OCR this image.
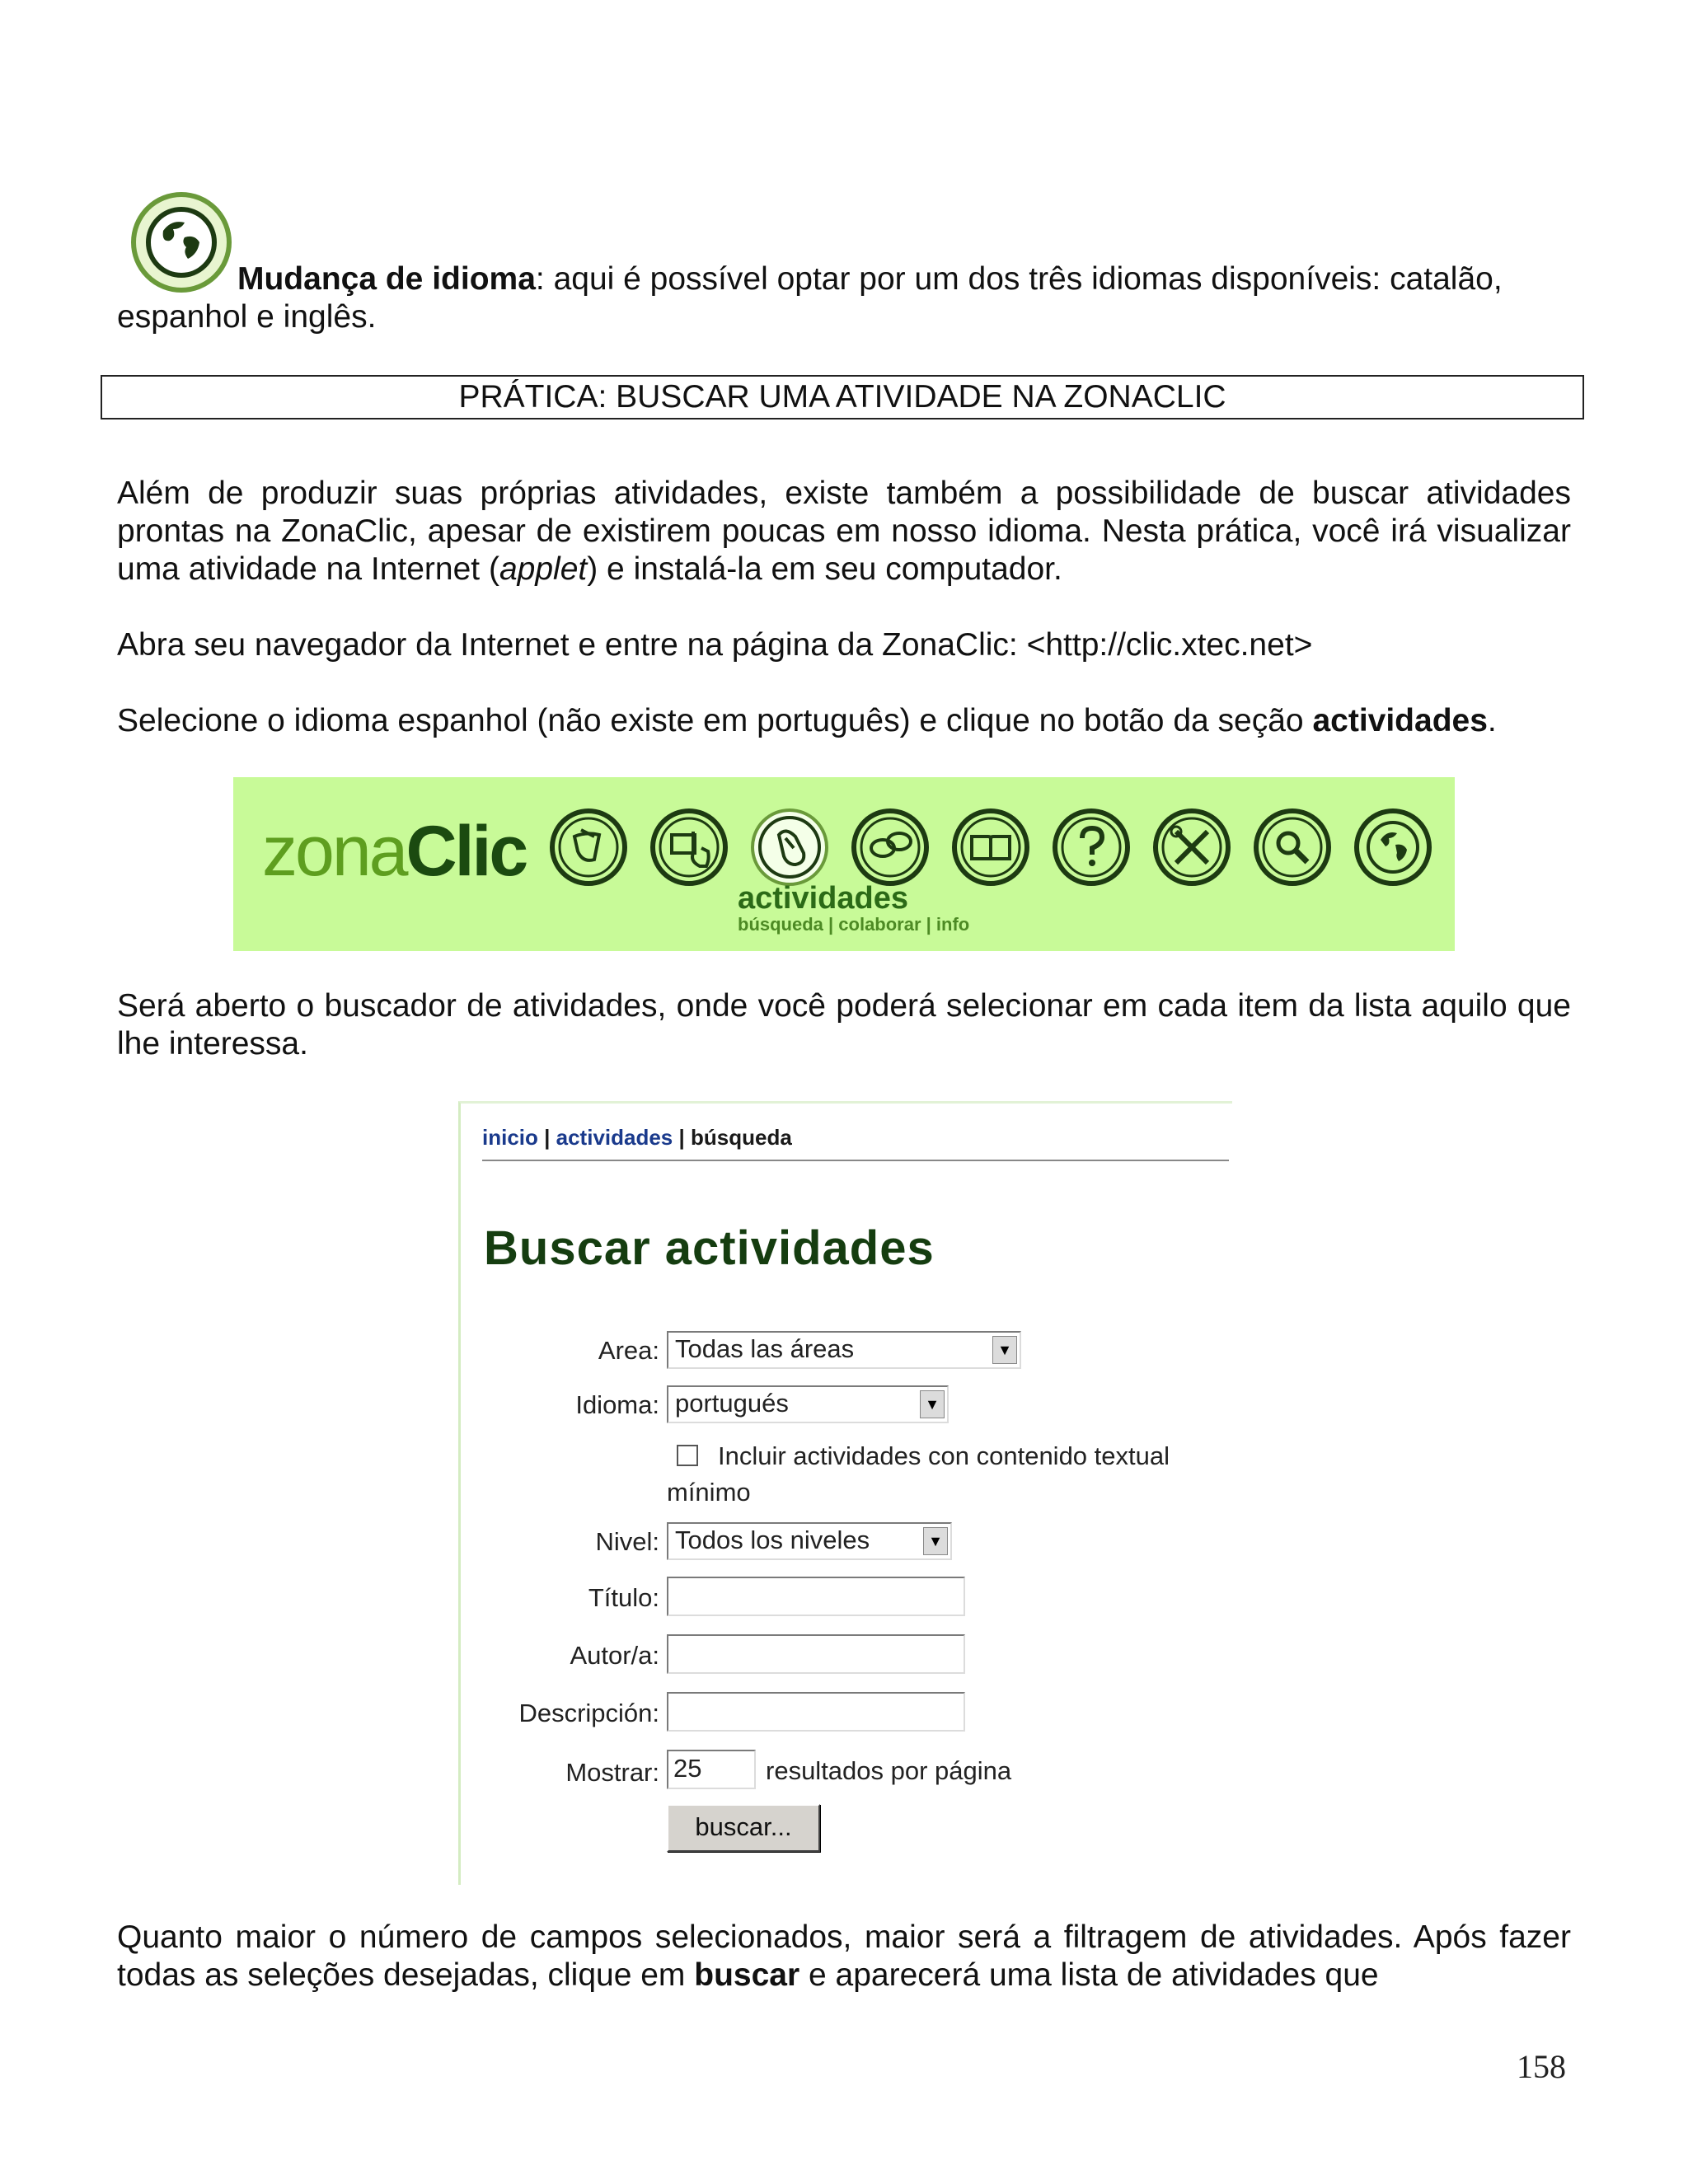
Mudança de idioma: aqui é possível optar por um dos três idiomas disponíveis: catalão,
espanhol e inglês.

PRÁTICA: BUSCAR UMA ATIVIDADE NA ZONACLIC

Além de produzir suas próprias atividades, existe também a possibilidade de buscar atividades prontas na ZonaClic, apesar de existirem poucas em nosso idioma. Nesta prática, você irá visualizar uma atividade na Internet (applet) e instalá-la em seu computador.

Abra seu navegador da Internet e entre na página da ZonaClic: <http://clic.xtec.net>

Selecione o idioma espanhol (não existe em português) e clique no botão da seção actividades.

zonaClic
actividades
búsqueda | colaborar | info

Será aberto o buscador de atividades, onde você poderá selecionar em cada item da lista aquilo que lhe interessa.

inicio | actividades | búsqueda
Buscar actividades
Area: Todas las áreas	▼
Idioma: portugués	▼
Incluir actividades con contenido textual mínimo
Nivel: Todos los niveles	▼
Título:
Autor/a:
Descripción:
Mostrar: 25	resultados por página
buscar...

Quanto maior o número de campos selecionados, maior será a filtragem de atividades. Após fazer todas as seleções desejadas, clique em buscar e aparecerá uma lista de atividades que

158
